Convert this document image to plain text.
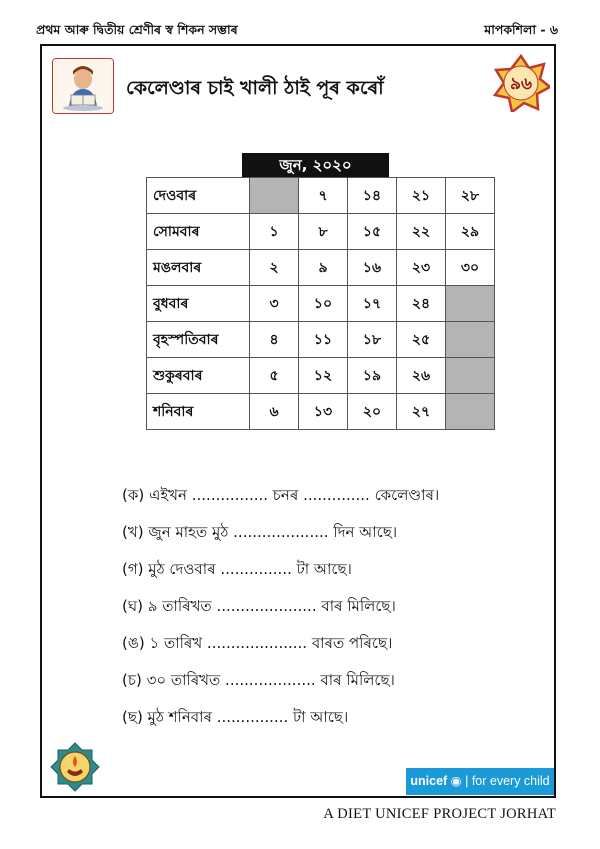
প্ৰথম আৰু দ্বিতীয় শ্ৰেণীৰ স্ব শিকন সম্ভাৰ	মাপকশিলা - ৬
কেলেণ্ডাৰ চাই খালী ঠাই পূৰ কৰোঁ	৯৬
জুন, ২০২০
দেওবাৰ		৭	১৪	২১	২৮
সোমবাৰ	১	৮	১৫	২২	২৯
মঙলবাৰ	২	৯	১৬	২৩	৩০
বুধবাৰ	৩	১০	১৭	২৪	
বৃহস্পতিবাৰ	৪	১১	১৮	২৫	
শুকুৰবাৰ	৫	১২	১৯	২৬	
শনিবাৰ	৬	১৩	২০	২৭	
(ক) এইখন ................ চনৰ .............. কেলেণ্ডাৰ।
(খ) জুন মাহত মুঠ .................... দিন আছে।
(গ) মুঠ দেওবাৰ ............... টা আছে।
(ঘ) ৯ তাৰিখত ..................... বাৰ মিলিছে।
(ঙ) ১ তাৰিখ ..................... বাৰত পৰিছে।
(চ) ৩০ তাৰিখত ................... বাৰ মিলিছে।
(ছ) মুঠ শনিবাৰ ............... টা আছে।
unicef ◉ | for every child
A DIET UNICEF PROJECT JORHAT
